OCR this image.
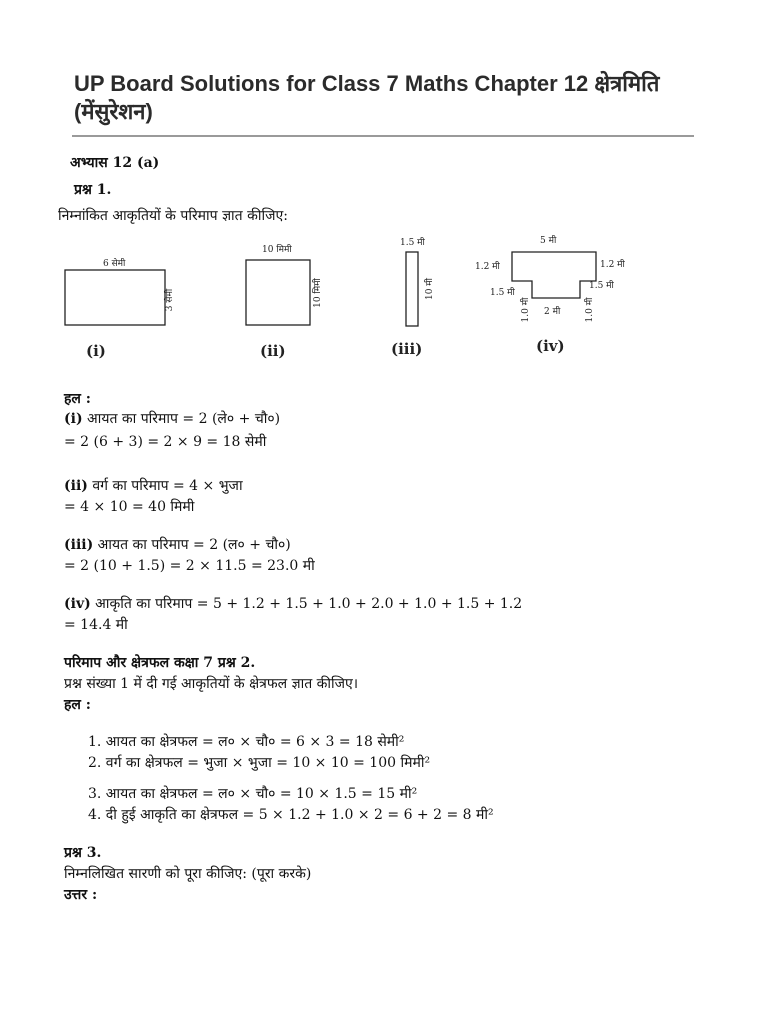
UP Board Solutions for Class 7 Maths Chapter 12 क्षेत्रमिति
(मेंसुरेशन)
अभ्यास 12 (a)
प्रश्न 1.
निम्नांकित आकृतियों के परिमाप ज्ञात कीजिए:
6 सेमी
3 सेमी
(i)
10 मिमी
10 मिमी
(ii)
1.5 मी
10 मी
(iii)
5 मी
1.2 मी	1.2 मी
1.5 मी
1.5 मी
1.0 मी	1.0 मी
2 मी
(iv)
हल :
(i) आयत का परिमाप = 2 (ले० + चौ०)
= 2 (6 + 3) = 2 × 9 = 18 सेमी
(ii) वर्ग का परिमाप = 4 × भुजा
= 4 × 10 = 40 मिमी
(iii) आयत का परिमाप = 2 (ल० + चौ०)
= 2 (10 + 1.5) = 2 × 11.5 = 23.0 मी
(iv) आकृति का परिमाप = 5 + 1.2 + 1.5 + 1.0 + 2.0 + 1.0 + 1.5 + 1.2
= 14.4 मी
परिमाप और क्षेत्रफल कक्षा 7 प्रश्न 2.
प्रश्न संख्या 1 में दी गई आकृतियों के क्षेत्रफल ज्ञात कीजिए।
हल :
1. आयत का क्षेत्रफल = ल० × चौ० = 6 × 3 = 18 सेमी²
2. वर्ग का क्षेत्रफल = भुजा × भुजा = 10 × 10 = 100 मिमी²
3. आयत का क्षेत्रफल = ल० × चौ० = 10 × 1.5 = 15 मी²
4. दी हुई आकृति का क्षेत्रफल = 5 × 1.2 + 1.0 × 2 = 6 + 2 = 8 मी²
प्रश्न 3.
निम्नलिखित सारणी को पूरा कीजिए: (पूरा करके)
उत्तर :
